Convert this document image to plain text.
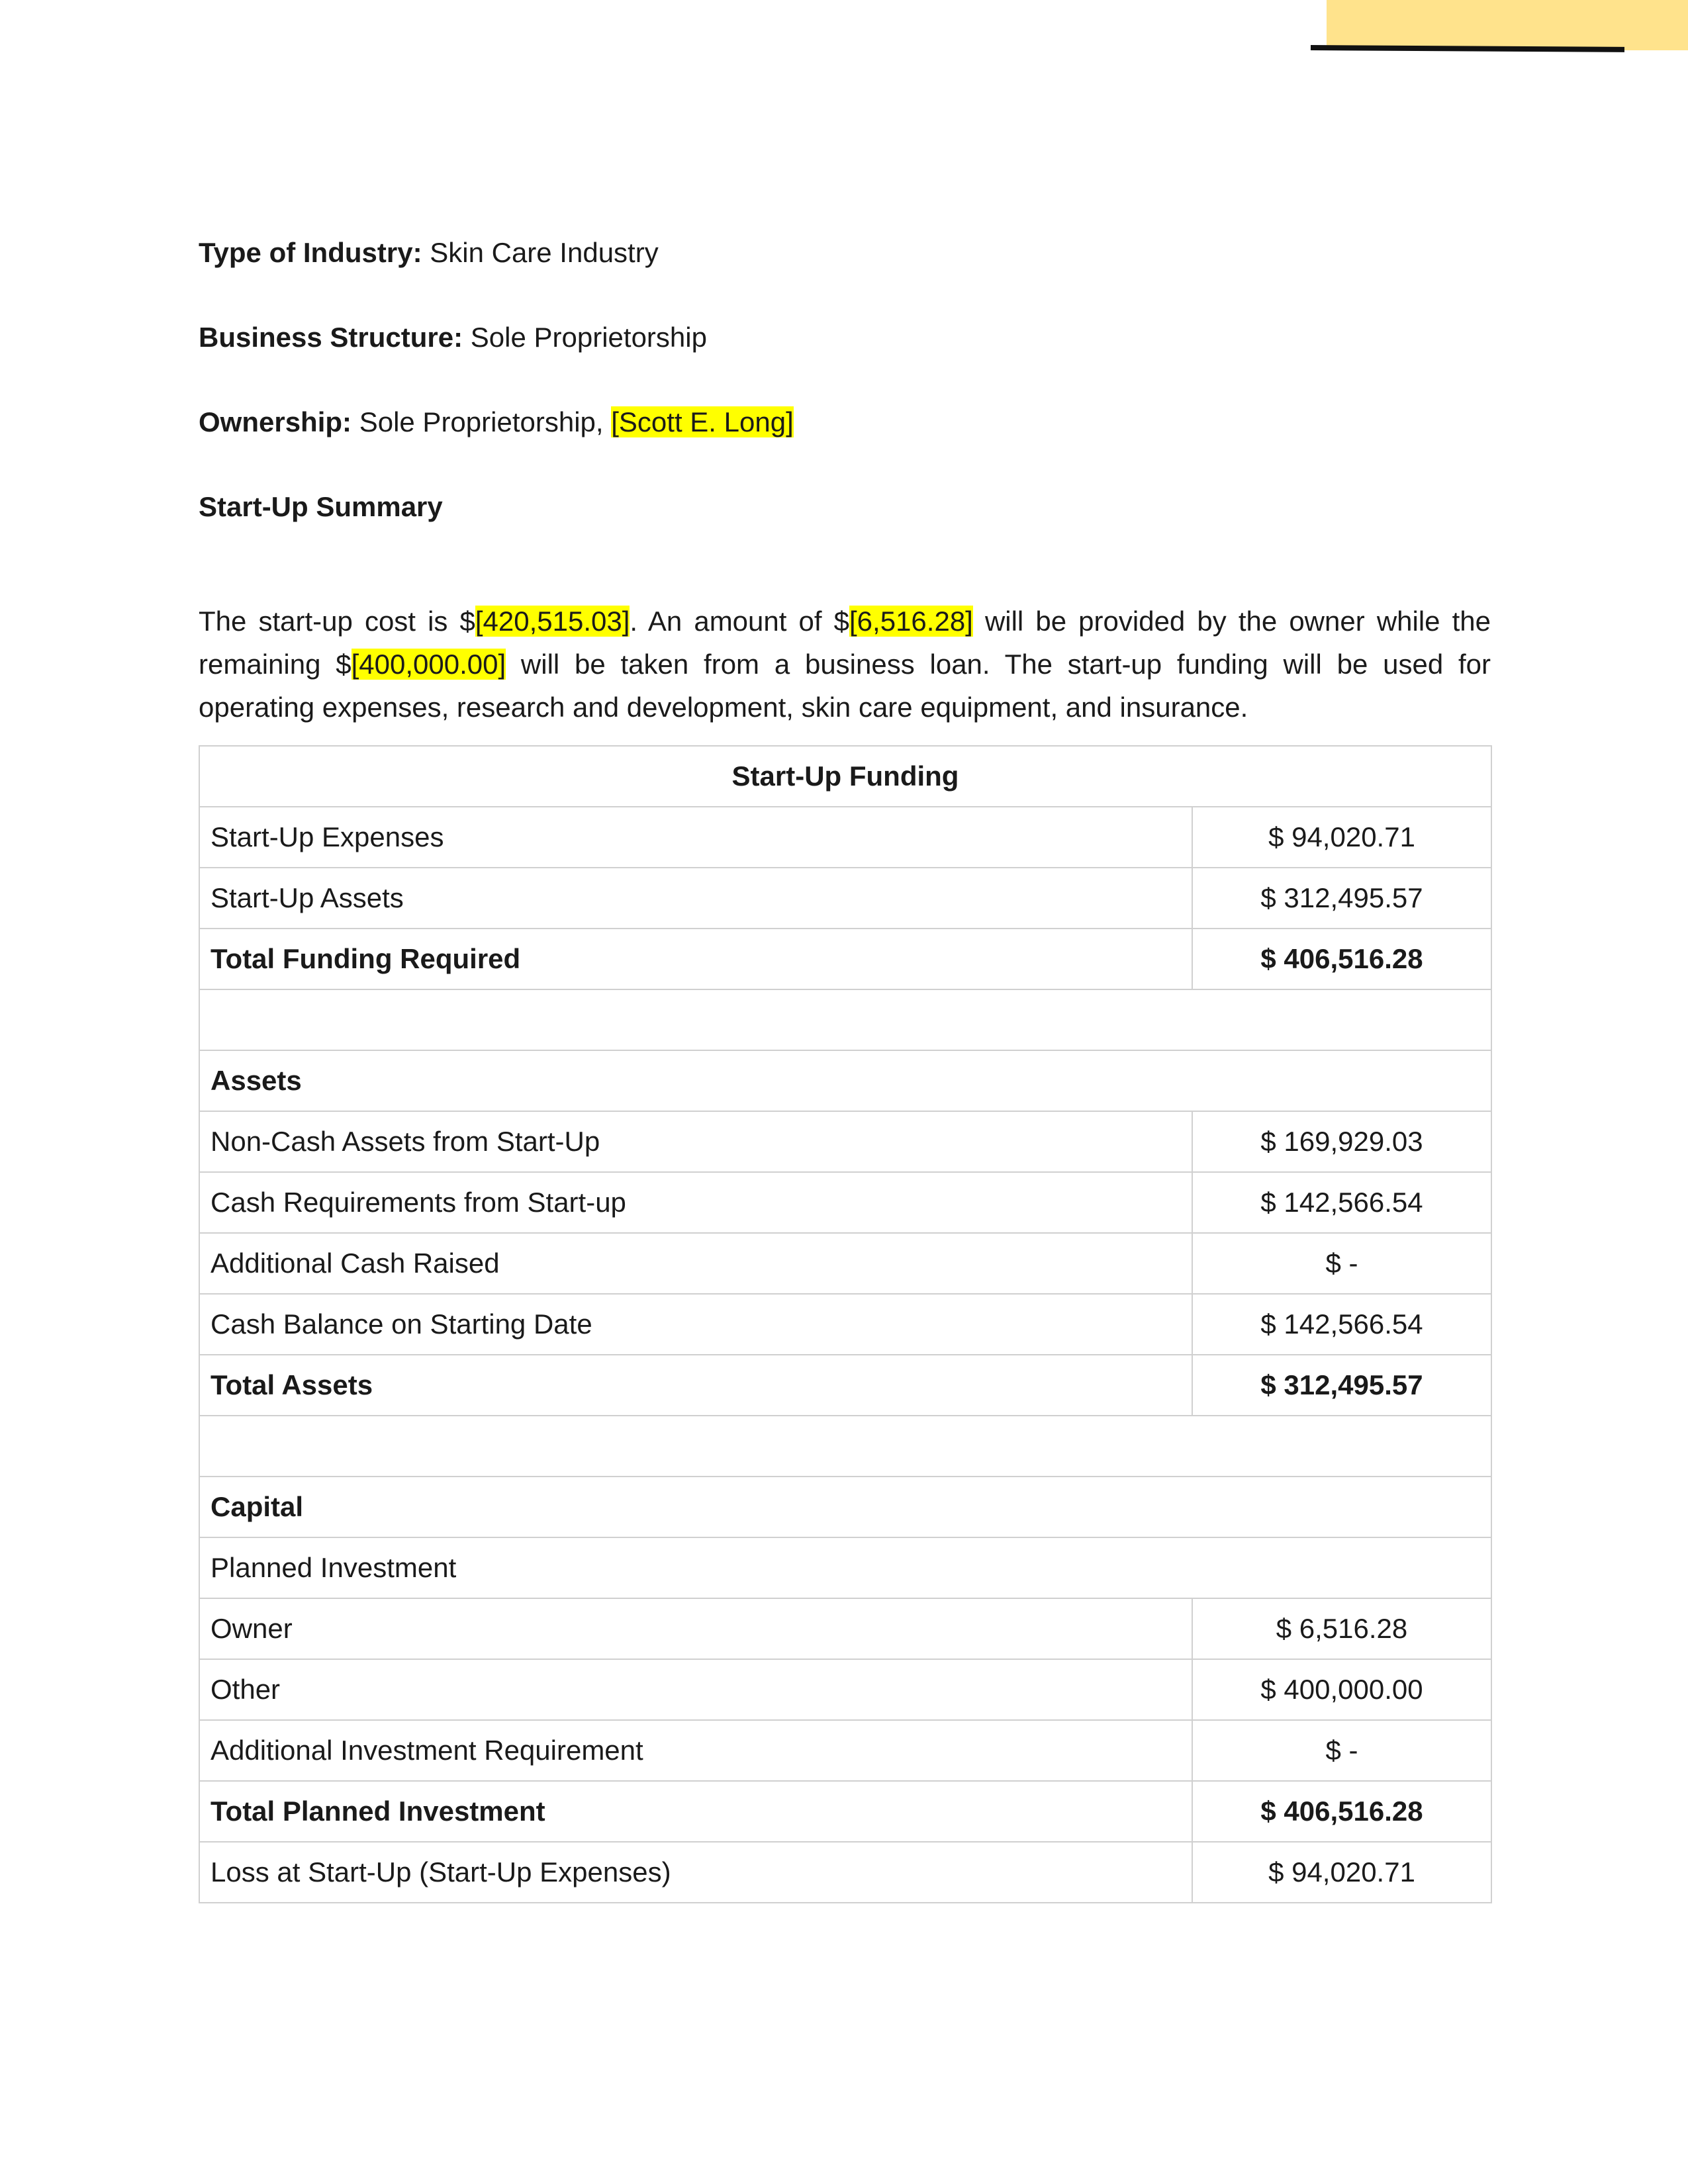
Type of Industry: Skin Care Industry
Business Structure: Sole Proprietorship
Ownership: Sole Proprietorship, [Scott E. Long]
Start-Up Summary

The start-up cost is $[420,515.03]. An amount of $[6,516.28] will be provided by the owner while the remaining $[400,000.00] will be taken from a business loan. The start-up funding will be used for operating expenses, research and development, skin care equipment, and insurance.

Start-Up Funding	
Start-Up Expenses	$ 94,020.71
Start-Up Assets	$ 312,495.57
Total Funding Required	$ 406,516.28

Assets	
Non-Cash Assets from Start-Up	$ 169,929.03
Cash Requirements from Start-up	$ 142,566.54
Additional Cash Raised	$ -
Cash Balance on Starting Date	$ 142,566.54
Total Assets	$ 312,495.57

Capital	
Planned Investment	
Owner	$ 6,516.28
Other	$ 400,000.00
Additional Investment Requirement	$ -
Total Planned Investment	$ 406,516.28
Loss at Start-Up (Start-Up Expenses)	$ 94,020.71
